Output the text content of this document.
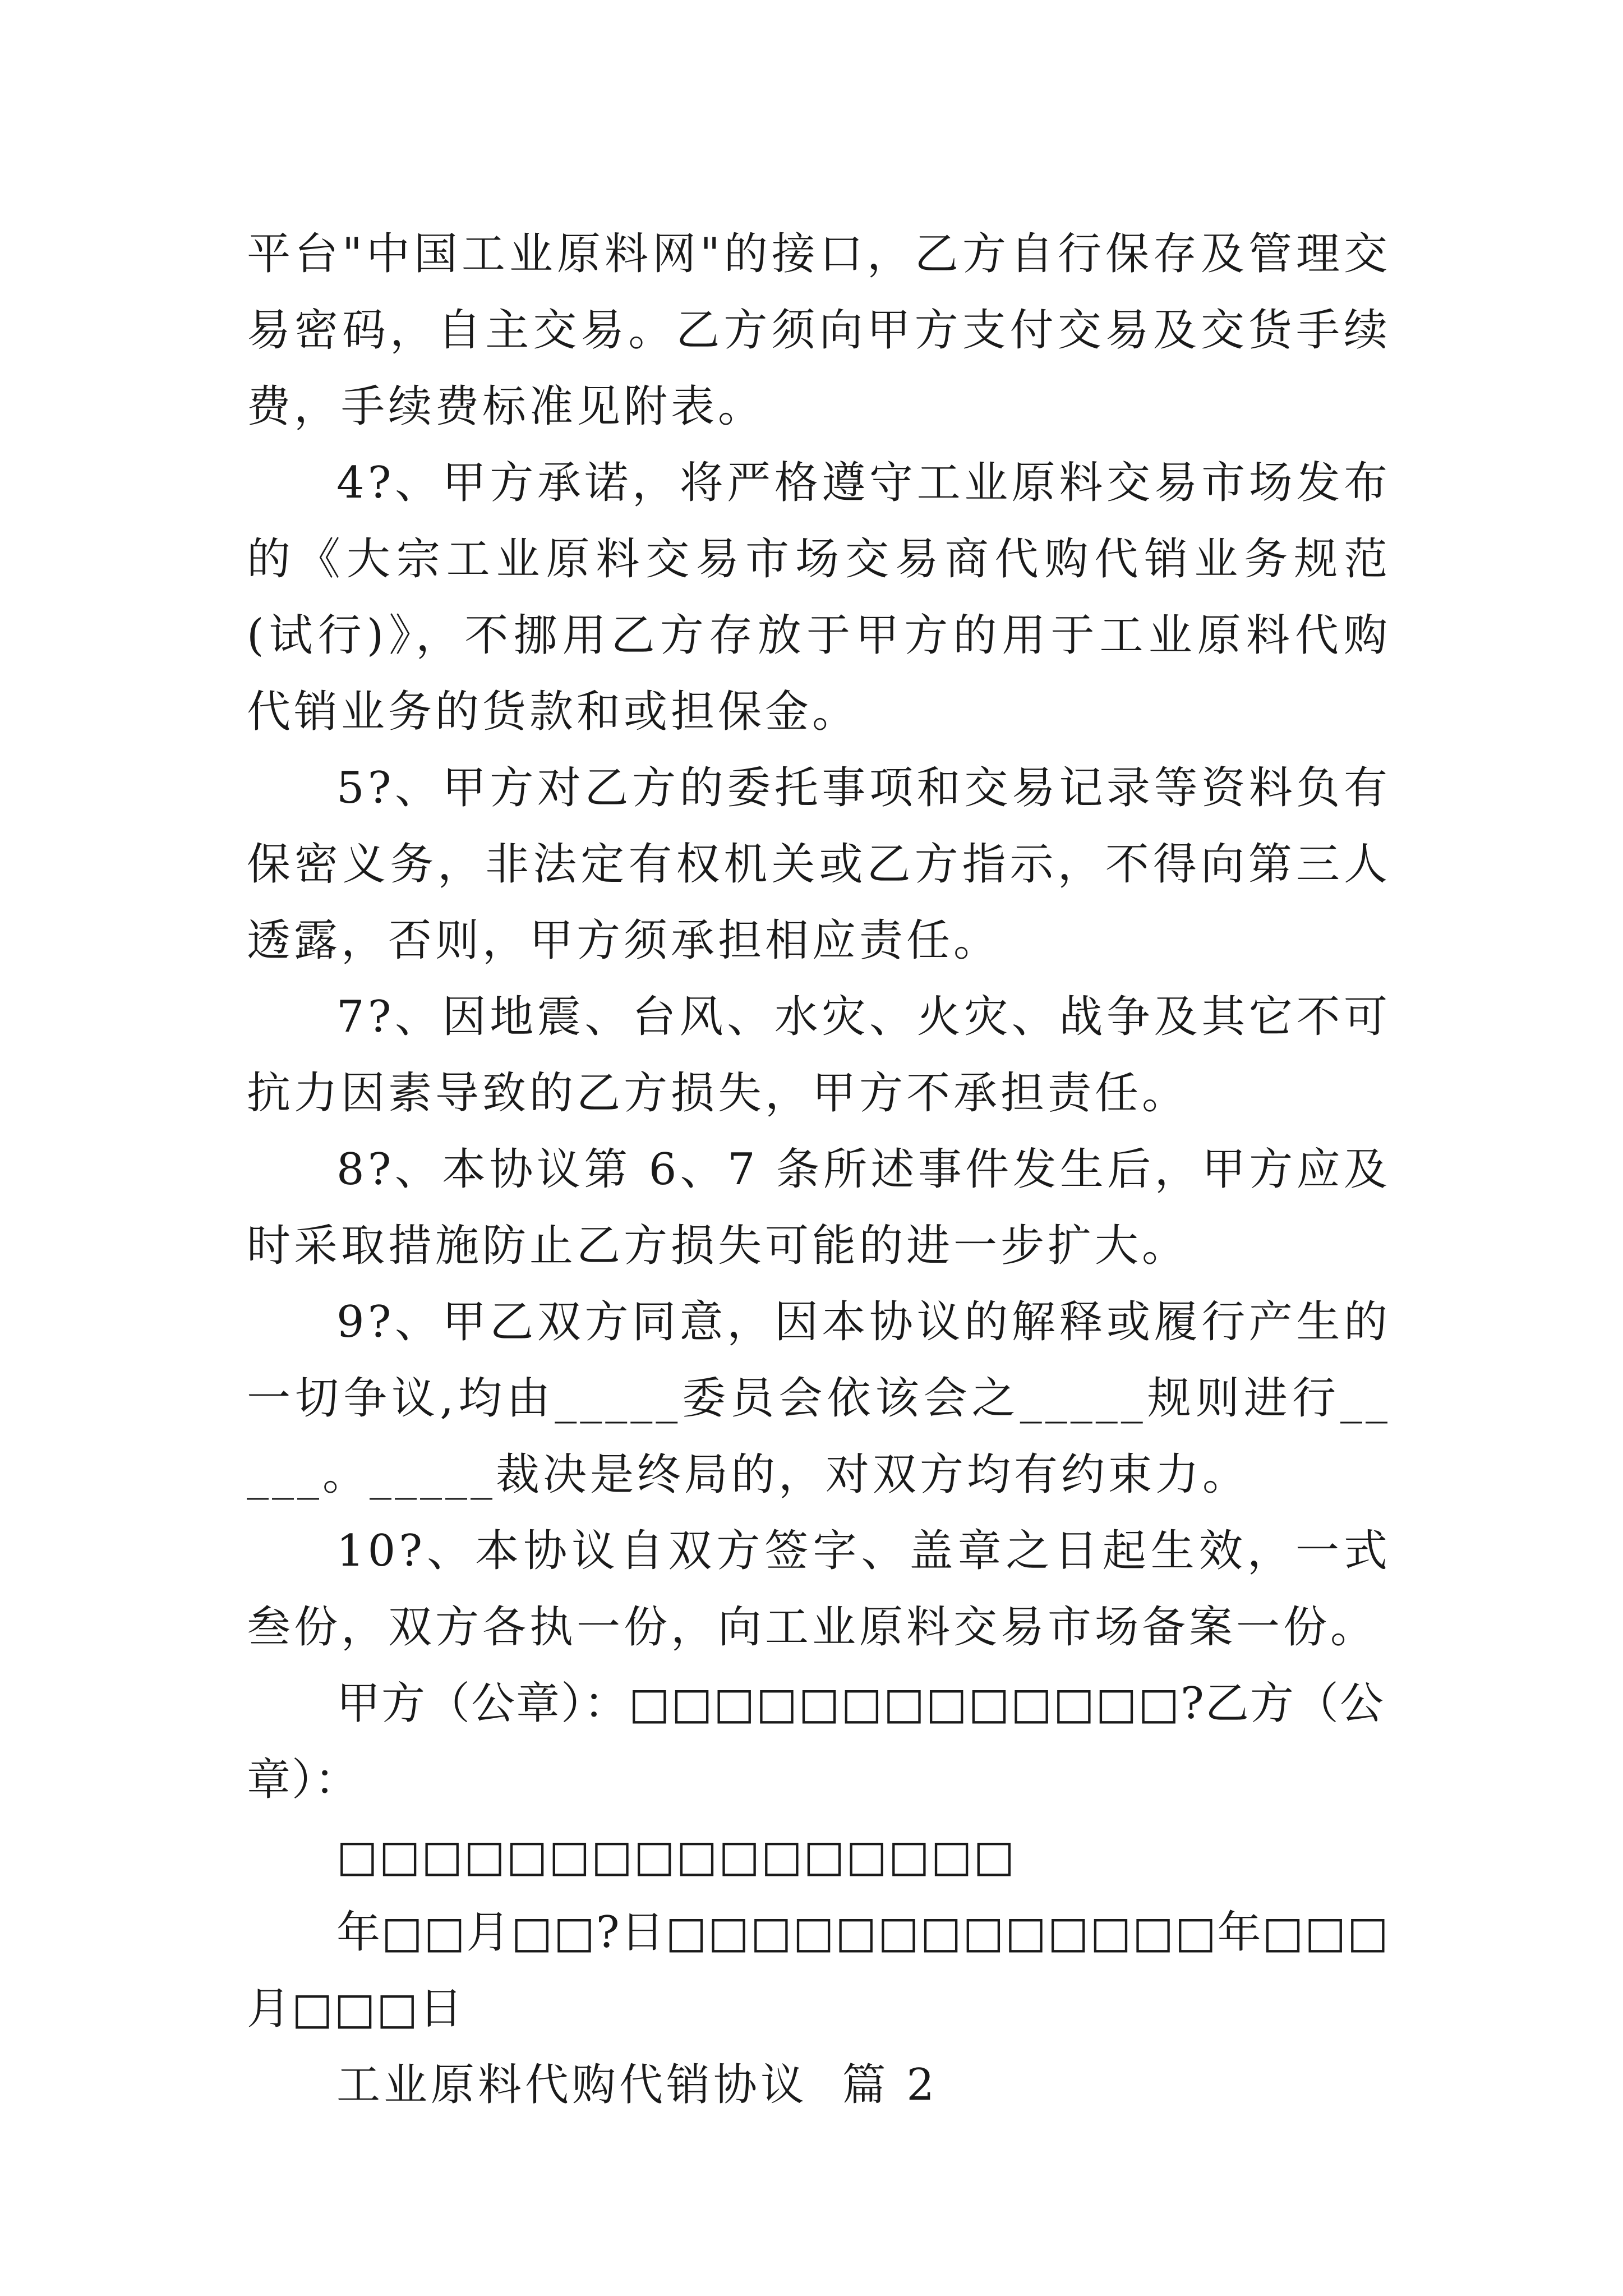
平台"中国工业原料网"的接口，乙方自行保存及管理交易密码，自主交易。乙方须向甲方支付交易及交货手续费，手续费标准见附表。

4?、甲方承诺，将严格遵守工业原料交易市场发布的《大宗工业原料交易市场交易商代购代销业务规范(试行)》，不挪用乙方存放于甲方的用于工业原料代购代销业务的货款和或担保金。

5?、甲方对乙方的委托事项和交易记录等资料负有保密义务，非法定有权机关或乙方指示，不得向第三人透露，否则，甲方须承担相应责任。

7?、因地震、台风、水灾、火灾、战争及其它不可抗力因素导致的乙方损失，甲方不承担责任。

8?、本协议第 6、7 条所述事件发生后，甲方应及时采取措施防止乙方损失可能的进一步扩大。

9?、甲乙双方同意，因本协议的解释或履行产生的一切争议,均由_____委员会依该会之_____规则进行_____。_____裁决是终局的，对双方均有约束力。

10?、本协议自双方签字、盖章之日起生效，一式叁份，双方各执一份，向工业原料交易市场备案一份。

甲方（公章）：□□□□□□□□□□□□□?乙方（公章）：

□□□□□□□□□□□□□□□□

年□□月□□?日□□□□□□□□□□□□□年□□□月□□□日

工业原料代购代销协议  篇 2
